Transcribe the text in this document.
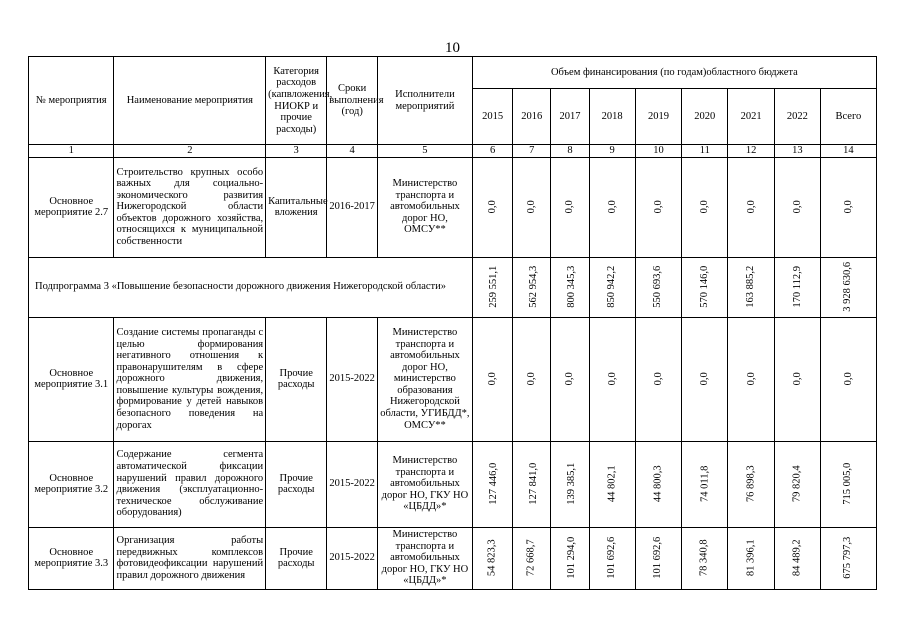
10
№ мероприятия	Наименование мероприятия	Категория расходов (капвложения, НИОКР и прочие расходы)	Сроки выполнения (год)	Исполнители мероприятий	Объем финансирования (по годам)областного бюджета								
					2015	2016	2017	2018	2019	2020	2021	2022	Всего
1	2	3	4	5	6	7	8	9	10	11	12	13	14
Основное мероприятие 2.7	Строительство крупных особо важных для социально-экономического развития Нижегородской области объектов дорожного хозяйства, относящихся к муниципальной собственности	Капитальные вложения	2016-2017	Министерство транспорта и автомобильных дорог НО, ОМСУ**	0,0	0,0	0,0	0,0	0,0	0,0	0,0	0,0	0,0
Подпрограмма 3 «Повышение безопасности дорожного движения Нижегородской области»					259 551,1	562 954,3	800 345,3	850 942,2	550 693,6	570 146,0	163 885,2	170 112,9	3 928 630,6
Основное мероприятие 3.1	Создание системы пропаганды с целью формирования негативного отношения к правонарушителям в сфере дорожного движения, повышение культуры вождения, формирование у детей навыков безопасного поведения на дорогах	Прочие расходы	2015-2022	Министерство транспорта и автомобильных дорог НО, министерство образования Нижегородской области, УГИБДД*, ОМСУ**	0,0	0,0	0,0	0,0	0,0	0,0	0,0	0,0	0,0
Основное мероприятие 3.2	Содержание сегмента автоматической фиксации нарушений правил дорожного движения (эксплуатационно-техническое обслуживание оборудования)	Прочие расходы	2015-2022	Министерство транспорта и автомобильных дорог НО, ГКУ НО «ЦБДД»*	127 446,0	127 841,0	139 385,1	44 802,1	44 800,3	74 011,8	76 898,3	79 820,4	715 005,0
Основное мероприятие 3.3	Организация работы передвижных комплексов фотовидеофиксации нарушений правил дорожного движения	Прочие расходы	2015-2022	Министерство транспорта и автомобильных дорог НО, ГКУ НО «ЦБДД»*	54 823,3	72 668,7	101 294,0	101 692,6	101 692,6	78 340,8	81 396,1	84 489,2	675 797,3
